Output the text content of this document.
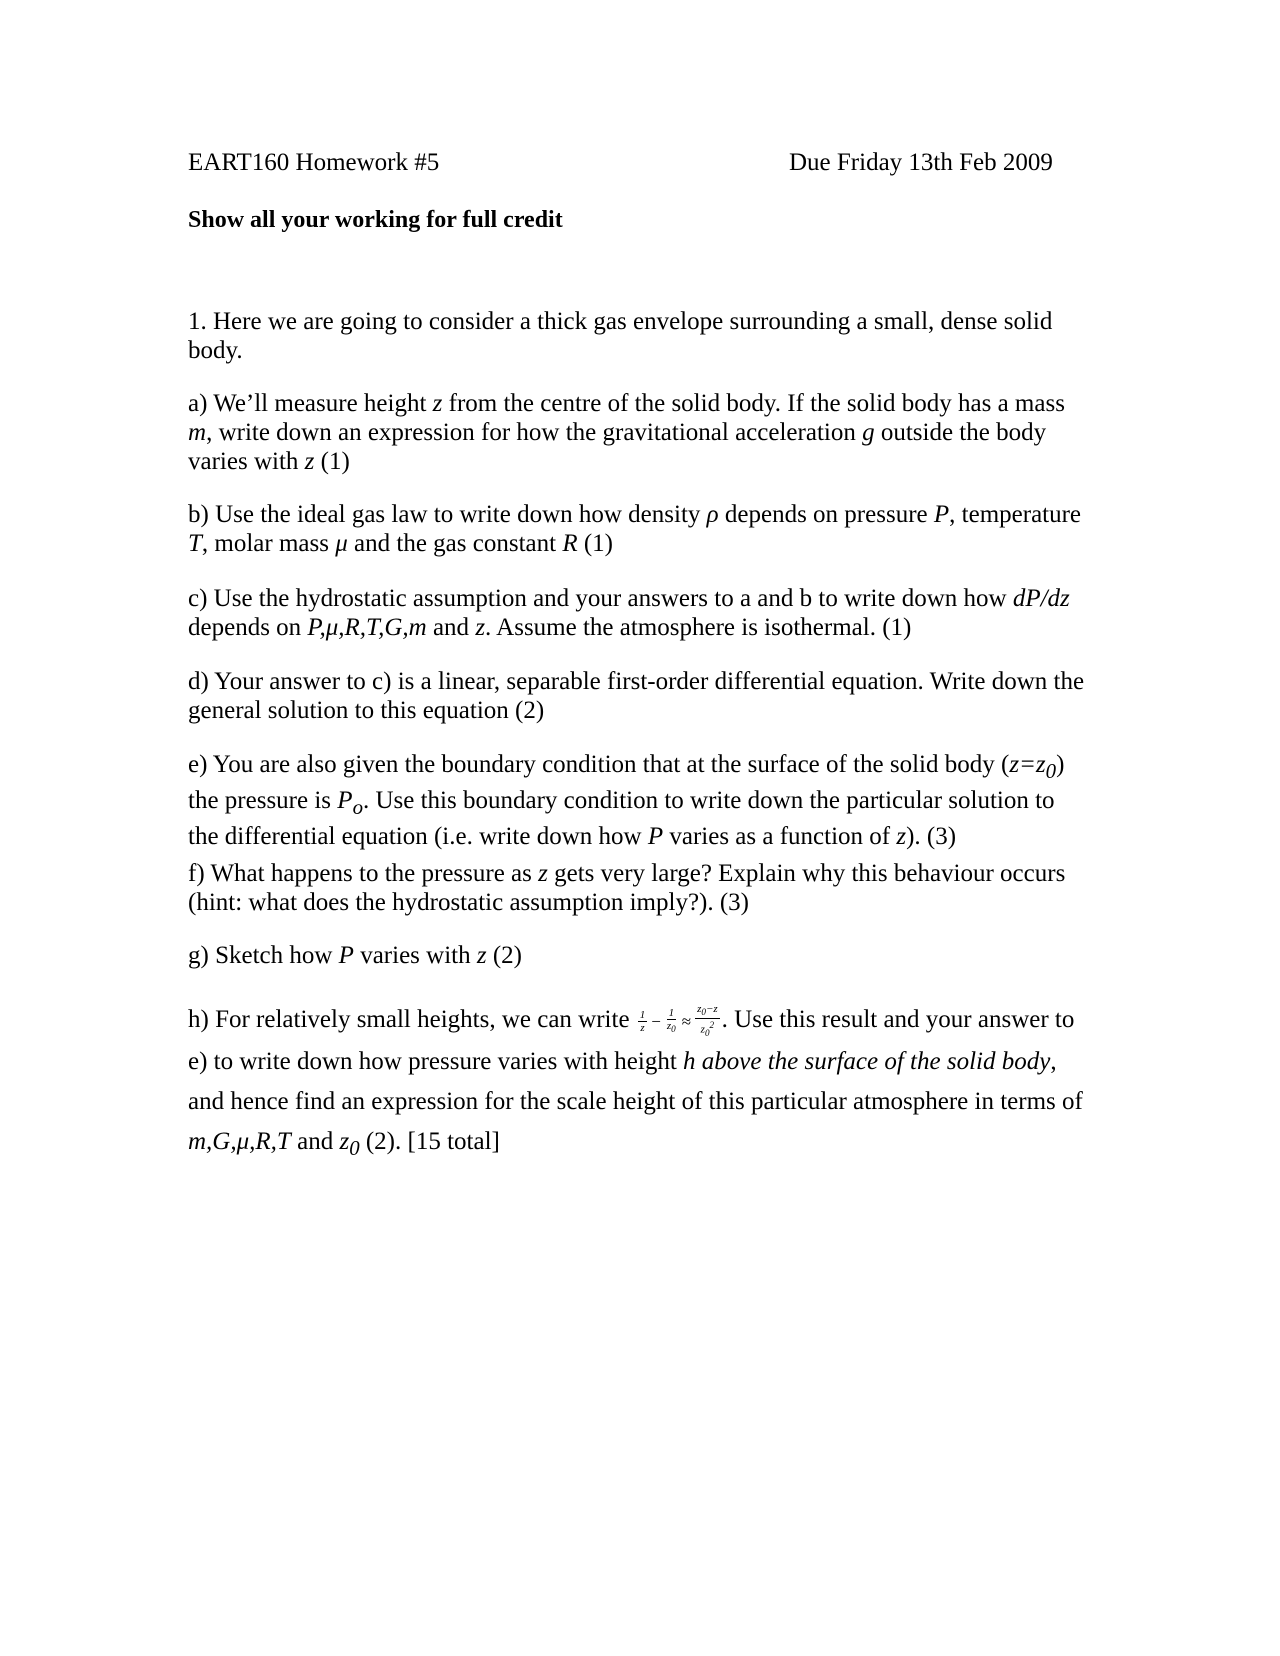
EART160 Homework #5	Due Friday 13th Feb 2009
Show all your working for full credit
1. Here we are going to consider a thick gas envelope surrounding a small, dense solid body.
a) We’ll measure height z from the centre of the solid body. If the solid body has a mass m, write down an expression for how the gravitational acceleration g outside the body varies with z (1)
b) Use the ideal gas law to write down how density ρ depends on pressure P, temperature T, molar mass μ and the gas constant R (1)
c) Use the hydrostatic assumption and your answers to a and b to write down how dP/dz depends on P,μ,R,T,G,m and z. Assume the atmosphere is isothermal. (1)
d) Your answer to c) is a linear, separable first-order differential equation. Write down the general solution to this equation (2)
e) You are also given the boundary condition that at the surface of the solid body $(z=z_0)$ the pressure is $P_o$. Use this boundary condition to write down the particular solution to the differential equation (i.e. write down how P varies as a function of z). (3)
f) What happens to the pressure as z gets very large? Explain why this behaviour occurs (hint: what does the hydrostatic assumption imply?). (3)
g) Sketch how P varies with z (2)
h) For relatively small heights, we can write $\frac{1}{z} - \frac{1}{z_0} \approx \frac{z_0-z}{z_0^2}$ . Use this result and your answer to e) to write down how pressure varies with height h above the surface of the solid body, and hence find an expression for the scale height of this particular atmosphere in terms of m,G,μ,R,T and $z_0$ (2). [15 total]
